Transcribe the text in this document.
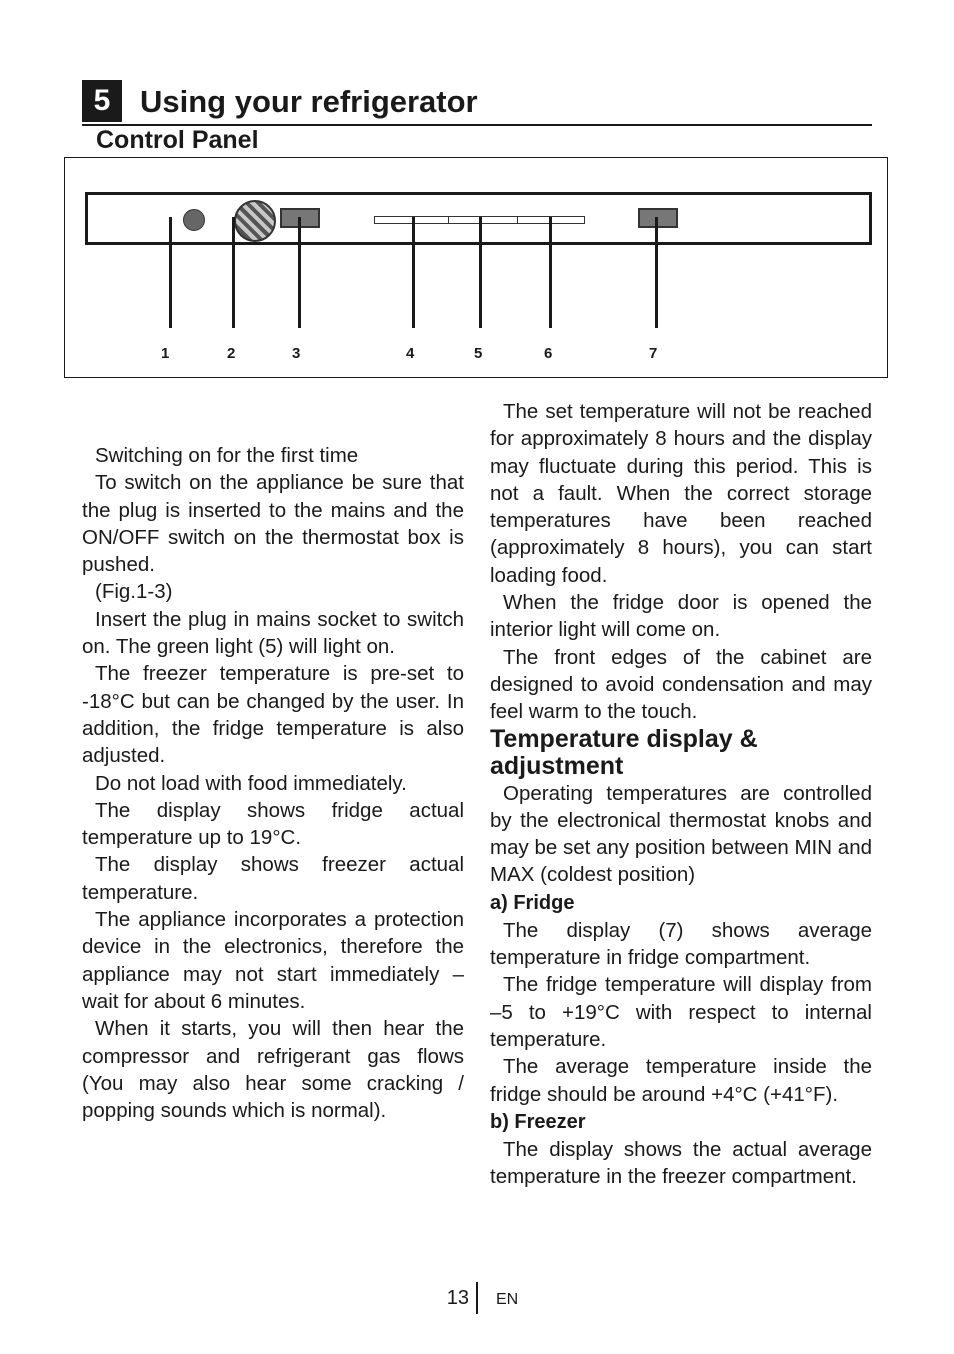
5 Using your refrigerator
Control Panel
1	2	3	4	5	6	7

Switching on for the first time

To switch on the appliance be sure that the plug is inserted to the mains and the ON/OFF switch on the thermostat box is pushed.

(Fig.1-3)

Insert the plug in mains socket to switch on. The green light (5) will light on.

The freezer temperature is pre-set to -18°C but can be changed by the user. In addition, the fridge temperature is also adjusted.

Do not load with food immediately.

The display shows fridge actual temperature up to 19°C.

The display shows freezer actual temperature.

The appliance incorporates a protection device in the electronics, therefore the appliance may not start immediately – wait for about 6 minutes.

When it starts, you will then hear the compressor and refrigerant gas flows (You may also hear some cracking / popping sounds which is normal).

The set temperature will not be reached for approximately 8 hours and the display may fluctuate during this period. This is not a fault. When the correct storage temperatures have been reached (approximately 8 hours), you can start loading food.

When the fridge door is opened the interior light will come on.

The front edges of the cabinet are designed to avoid condensation and may feel warm to the touch.

Temperature display & adjustment

Operating temperatures are controlled by the electronical thermostat knobs and may be set any position between MIN and MAX (coldest position)

a) Fridge

The display (7) shows average temperature in fridge compartment.

The fridge temperature will display from –5 to +19°C with respect to internal temperature.

The average temperature inside the fridge should be around +4°C (+41°F).

b) Freezer

The display shows the actual average temperature in the freezer compartment.

13 EN
